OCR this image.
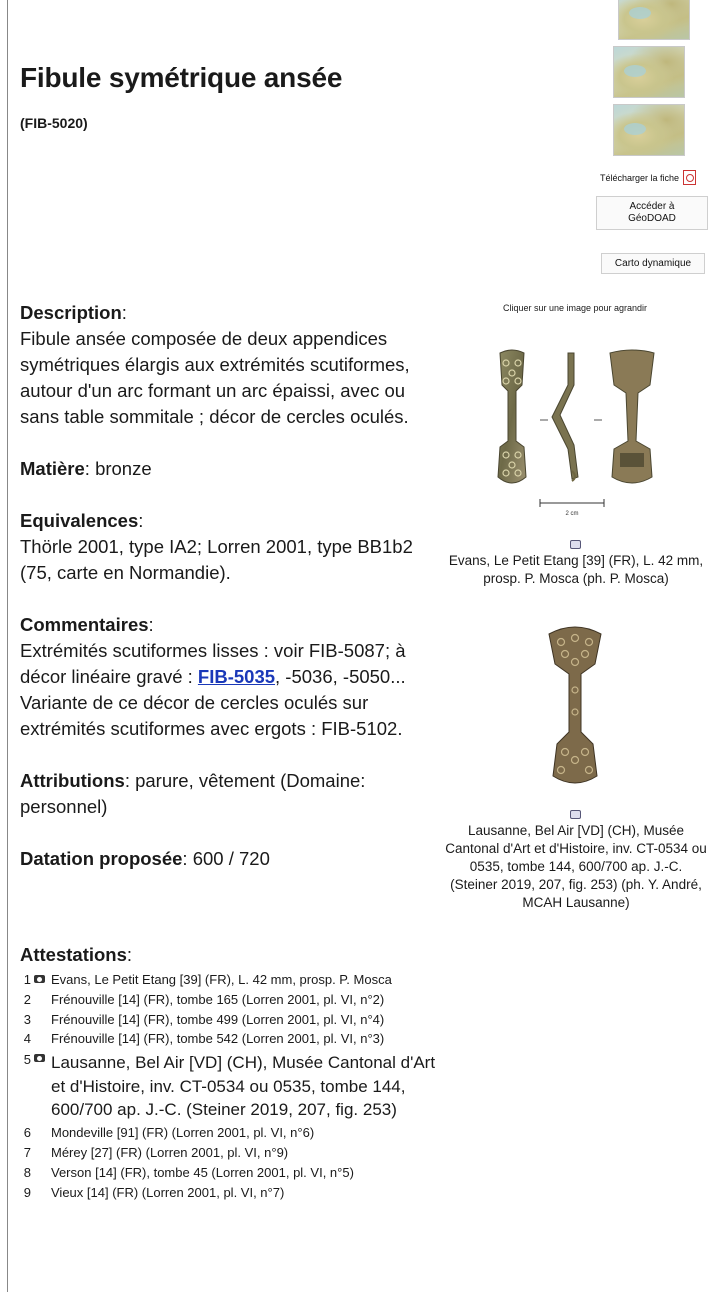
Fibule symétrique ansée
(FIB-5020)
Télécharger la fiche
Accéder à
GéoDOAD
Carto dynamique

Description:
Fibule ansée composée de deux appendices symétriques élargis aux extrémités scutiformes, autour d'un arc formant un arc épaissi, avec ou sans table sommitale ; décor de cercles oculés.

Matière: bronze

Equivalences:
Thörle 2001, type IA2; Lorren 2001, type BB1b2 (75, carte en Normandie).

Commentaires:
Extrémités scutiformes lisses : voir FIB-5087; à décor linéaire gravé : FIB-5035, -5036, -5050... Variante de ce décor de cercles oculés sur extrémités scutiformes avec ergots : FIB-5102.

Attributions: parure, vêtement (Domaine: personnel)

Datation proposée: 600 / 720

Cliquer sur une image pour agrandir
2 cm
Evans, Le Petit Etang [39] (FR), L. 42 mm, prosp. P. Mosca (ph. P. Mosca)
Lausanne, Bel Air [VD] (CH), Musée Cantonal d'Art et d'Histoire, inv. CT-0534 ou 0535, tombe 144, 600/700 ap. J.-C. (Steiner 2019, 207, fig. 253) (ph. Y. André, MCAH Lausanne)
Attestations:
1 Evans, Le Petit Etang [39] (FR), L. 42 mm, prosp. P. Mosca
2 Frénouville [14] (FR), tombe 165 (Lorren 2001, pl. VI, n°2)
3 Frénouville [14] (FR), tombe 499 (Lorren 2001, pl. VI, n°4)
4 Frénouville [14] (FR), tombe 542 (Lorren 2001, pl. VI, n°3)
5 Lausanne, Bel Air [VD] (CH), Musée Cantonal d'Art et d'Histoire, inv. CT-0534 ou 0535, tombe 144, 600/700 ap. J.-C. (Steiner 2019, 207, fig. 253)
6 Mondeville [91] (FR) (Lorren 2001, pl. VI, n°6)
7 Mérey [27] (FR) (Lorren 2001, pl. VI, n°9)
8 Verson [14] (FR), tombe 45 (Lorren 2001, pl. VI, n°5)
9 Vieux [14] (FR) (Lorren 2001, pl. VI, n°7)
